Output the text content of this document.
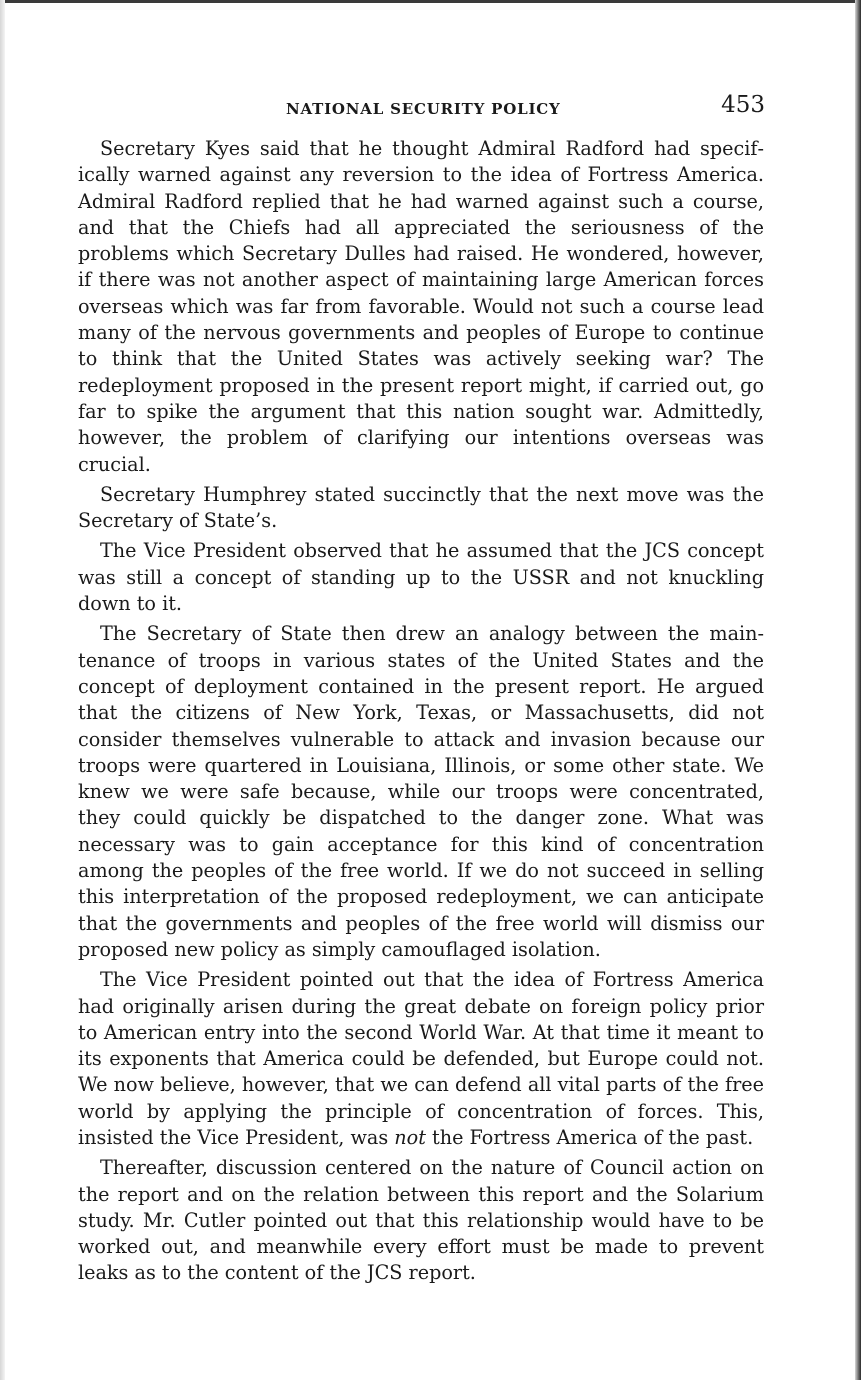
NATIONAL SECURITY POLICY	453

Secretary Kyes said that he thought Admiral Radford had specifically warned against any reversion to the idea of Fortress America. Admiral Radford replied that he had warned against such a course, and that the Chiefs had all appreciated the seriousness of the problems which Secretary Dulles had raised. He wondered, however, if there was not another aspect of maintaining large American forces overseas which was far from favorable. Would not such a course lead many of the nervous governments and peoples of Europe to continue to think that the United States was actively seeking war? The redeployment proposed in the present report might, if carried out, go far to spike the argument that this nation sought war. Admittedly, however, the problem of clarifying our intentions overseas was crucial.

Secretary Humphrey stated succinctly that the next move was the Secretary of State’s.

The Vice President observed that he assumed that the JCS concept was still a concept of standing up to the USSR and not knuckling down to it.

The Secretary of State then drew an analogy between the maintenance of troops in various states of the United States and the concept of deployment contained in the present report. He argued that the citizens of New York, Texas, or Massachusetts, did not consider themselves vulnerable to attack and invasion because our troops were quartered in Louisiana, Illinois, or some other state. We knew we were safe because, while our troops were concentrated, they could quickly be dispatched to the danger zone. What was necessary was to gain acceptance for this kind of concentration among the peoples of the free world. If we do not succeed in selling this interpretation of the proposed redeployment, we can anticipate that the governments and peoples of the free world will dismiss our proposed new policy as simply camouflaged isolation.

The Vice President pointed out that the idea of Fortress America had originally arisen during the great debate on foreign policy prior to American entry into the second World War. At that time it meant to its exponents that America could be defended, but Europe could not. We now believe, however, that we can defend all vital parts of the free world by applying the principle of concentration of forces. This, insisted the Vice President, was not the Fortress America of the past.

Thereafter, discussion centered on the nature of Council action on the report and on the relation between this report and the Solarium study. Mr. Cutler pointed out that this relationship would have to be worked out, and meanwhile every effort must be made to prevent leaks as to the content of the JCS report.
